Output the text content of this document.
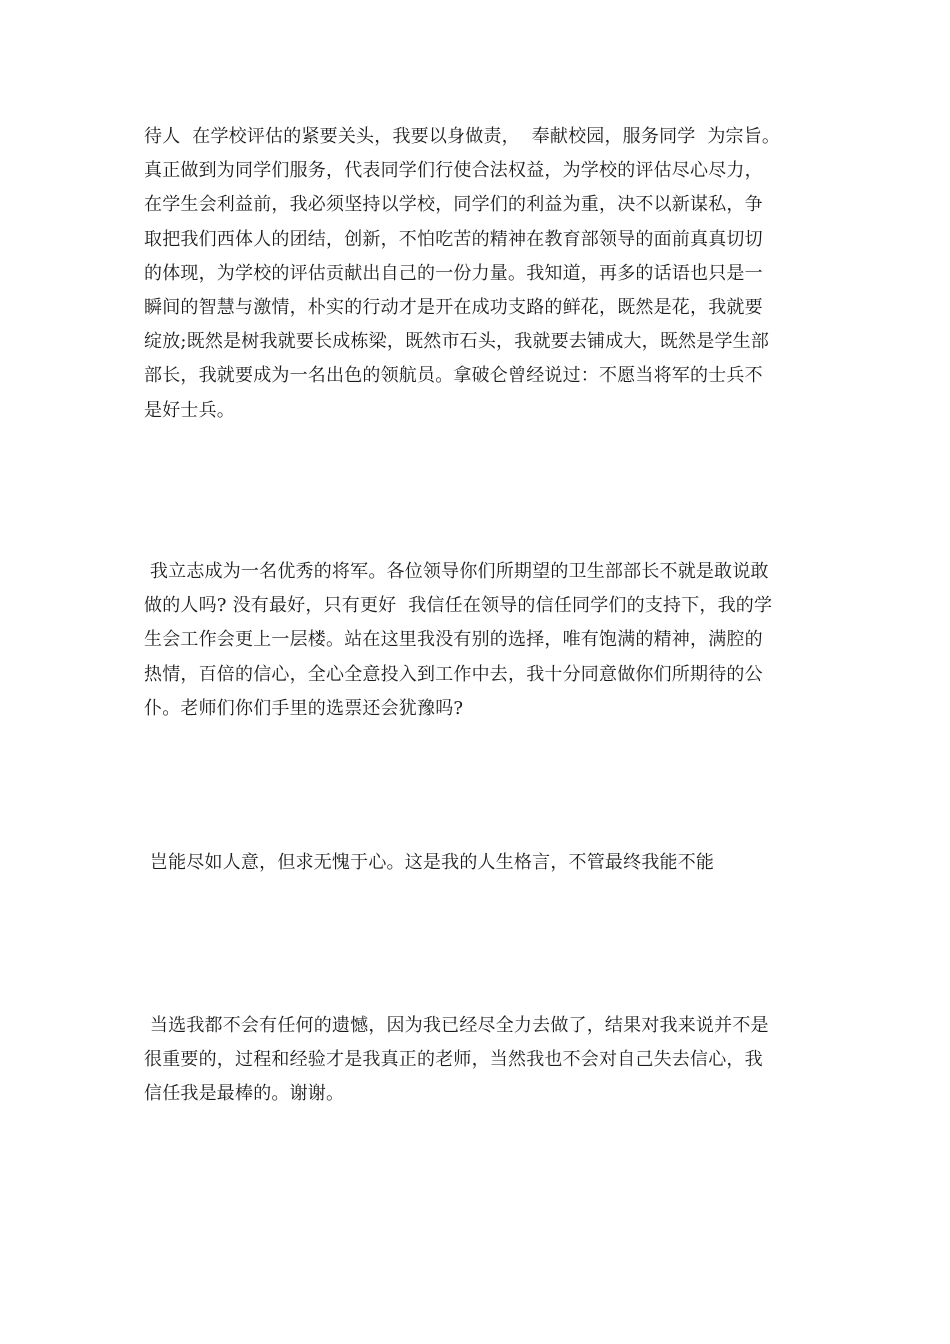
待人  在学校评估的紧要关头，我要以身做责，  奉献校园，服务同学  为宗旨。
真正做到为同学们服务，代表同学们行使合法权益，为学校的评估尽心尽力，
在学生会利益前，我必须坚持以学校，同学们的利益为重，决不以新谋私，争
取把我们西体人的团结，创新，不怕吃苦的精神在教育部领导的面前真真切切
的体现，为学校的评估贡献出自己的一份力量。我知道，再多的话语也只是一
瞬间的智慧与激情，朴实的行动才是开在成功支路的鲜花，既然是花，我就要
绽放;既然是树我就要长成栋梁，既然市石头，我就要去铺成大，既然是学生部
部长，我就要成为一名出色的领航员。拿破仑曾经说过：不愿当将军的士兵不
是好士兵。
我立志成为一名优秀的将军。各位领导你们所期望的卫生部部长不就是敢说敢
做的人吗? 没有最好，只有更好  我信任在领导的信任同学们的支持下，我的学
生会工作会更上一层楼。站在这里我没有别的选择，唯有饱满的精神，满腔的
热情，百倍的信心，全心全意投入到工作中去，我十分同意做你们所期待的公
仆。老师们你们手里的选票还会犹豫吗?
岂能尽如人意，但求无愧于心。这是我的人生格言，不管最终我能不能
当选我都不会有任何的遗憾，因为我已经尽全力去做了，结果对我来说并不是
很重要的，过程和经验才是我真正的老师，当然我也不会对自己失去信心，我
信任我是最棒的。谢谢。
